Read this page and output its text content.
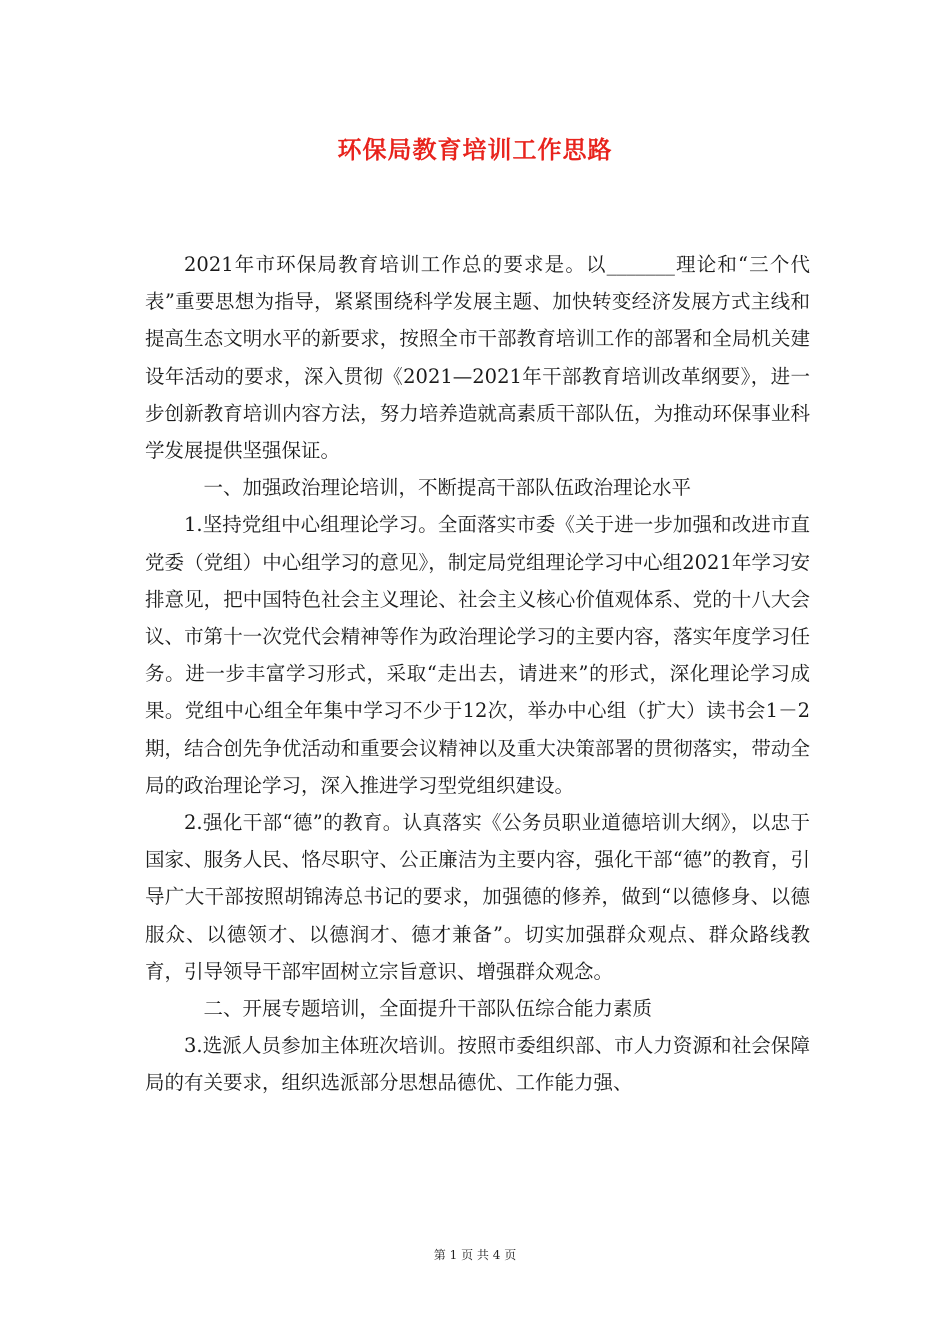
环保局教育培训工作思路

2021年市环保局教育培训工作总的要求是。以_______理论和“三个代表”重要思想为指导，紧紧围绕科学发展主题、加快转变经济发展方式主线和提高生态文明水平的新要求，按照全市干部教育培训工作的部署和全局机关建设年活动的要求，深入贯彻《2021—2021年干部教育培训改革纲要》，进一步创新教育培训内容方法，努力培养造就高素质干部队伍，为推动环保事业科学发展提供坚强保证。

一、加强政治理论培训，不断提高干部队伍政治理论水平

1.坚持党组中心组理论学习。全面落实市委《关于进一步加强和改进市直党委（党组）中心组学习的意见》，制定局党组理论学习中心组2021年学习安排意见，把中国特色社会主义理论、社会主义核心价值观体系、党的十八大会议、市第十一次党代会精神等作为政治理论学习的主要内容，落实年度学习任务。进一步丰富学习形式，采取“走出去，请进来”的形式，深化理论学习成果。党组中心组全年集中学习不少于12次，举办中心组（扩大）读书会1－2期，结合创先争优活动和重要会议精神以及重大决策部署的贯彻落实，带动全局的政治理论学习，深入推进学习型党组织建设。

2.强化干部“德”的教育。认真落实《公务员职业道德培训大纲》，以忠于国家、服务人民、恪尽职守、公正廉洁为主要内容，强化干部“德”的教育，引导广大干部按照胡锦涛总书记的要求，加强德的修养，做到“以德修身、以德服众、以德领才、以德润才、德才兼备”。切实加强群众观点、群众路线教育，引导领导干部牢固树立宗旨意识、增强群众观念。

二、开展专题培训，全面提升干部队伍综合能力素质

3.选派人员参加主体班次培训。按照市委组织部、市人力资源和社会保障局的有关要求，组织选派部分思想品德优、工作能力强、

第 1 页 共 4 页
